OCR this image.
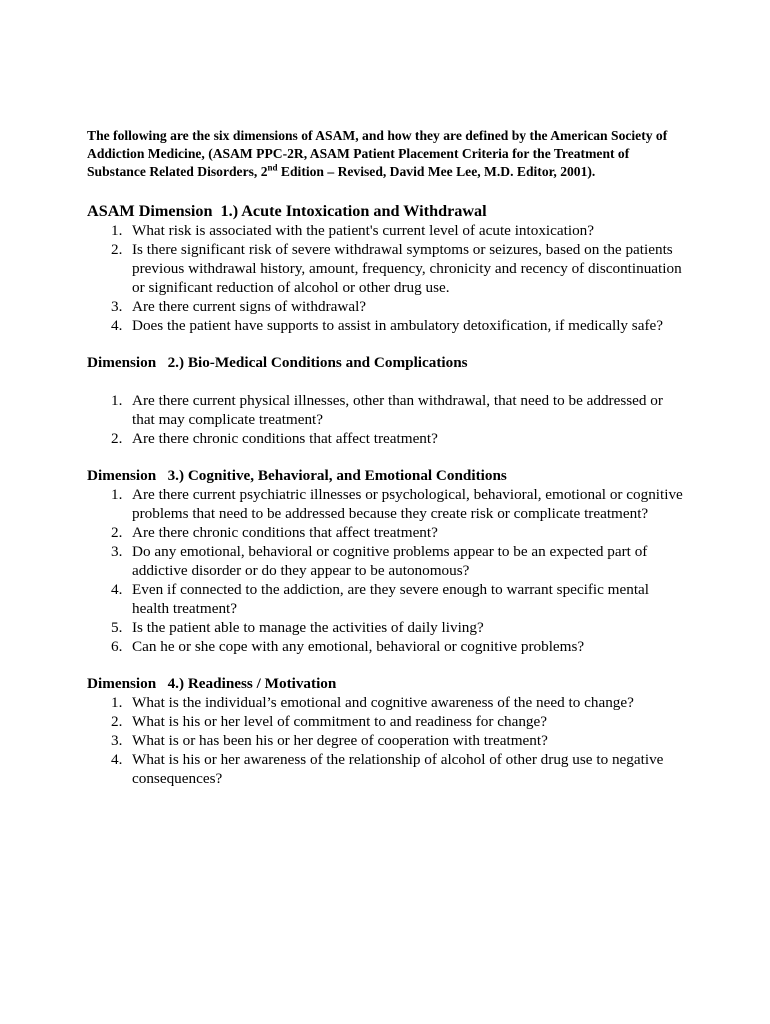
The following are the six dimensions of ASAM, and how they are defined by the American Society of Addiction Medicine, (ASAM PPC-2R, ASAM Patient Placement Criteria for the Treatment of Substance Related Disorders, 2nd Edition – Revised, David Mee Lee, M.D. Editor, 2001).

ASAM Dimension  1.) Acute Intoxication and Withdrawal
1. What risk is associated with the patient's current level of acute intoxication?
2. Is there significant risk of severe withdrawal symptoms or seizures, based on the patients previous withdrawal history, amount, frequency, chronicity and recency of discontinuation or significant reduction of alcohol or other drug use.
3. Are there current signs of withdrawal?
4. Does the patient have supports to assist in ambulatory detoxification, if medically safe?
Dimension   2.) Bio-Medical Conditions and Complications
1. Are there current physical illnesses, other than withdrawal, that need to be addressed or that may complicate treatment?
2. Are there chronic conditions that affect treatment?
Dimension   3.) Cognitive, Behavioral, and Emotional Conditions
1. Are there current psychiatric illnesses or psychological, behavioral, emotional or cognitive problems that need to be addressed because they create risk or complicate treatment?
2. Are there chronic conditions that affect treatment?
3. Do any emotional, behavioral or cognitive problems appear to be an expected part of addictive disorder or do they appear to be autonomous?
4. Even if connected to the addiction, are they severe enough to warrant specific mental health treatment?
5. Is the patient able to manage the activities of daily living?
6. Can he or she cope with any emotional, behavioral or cognitive problems?
Dimension   4.) Readiness / Motivation
1. What is the individual’s emotional and cognitive awareness of the need to change?
2. What is his or her level of commitment to and readiness for change?
3. What is or has been his or her degree of cooperation with treatment?
4. What is his or her awareness of the relationship of alcohol of other drug use to negative consequences?
